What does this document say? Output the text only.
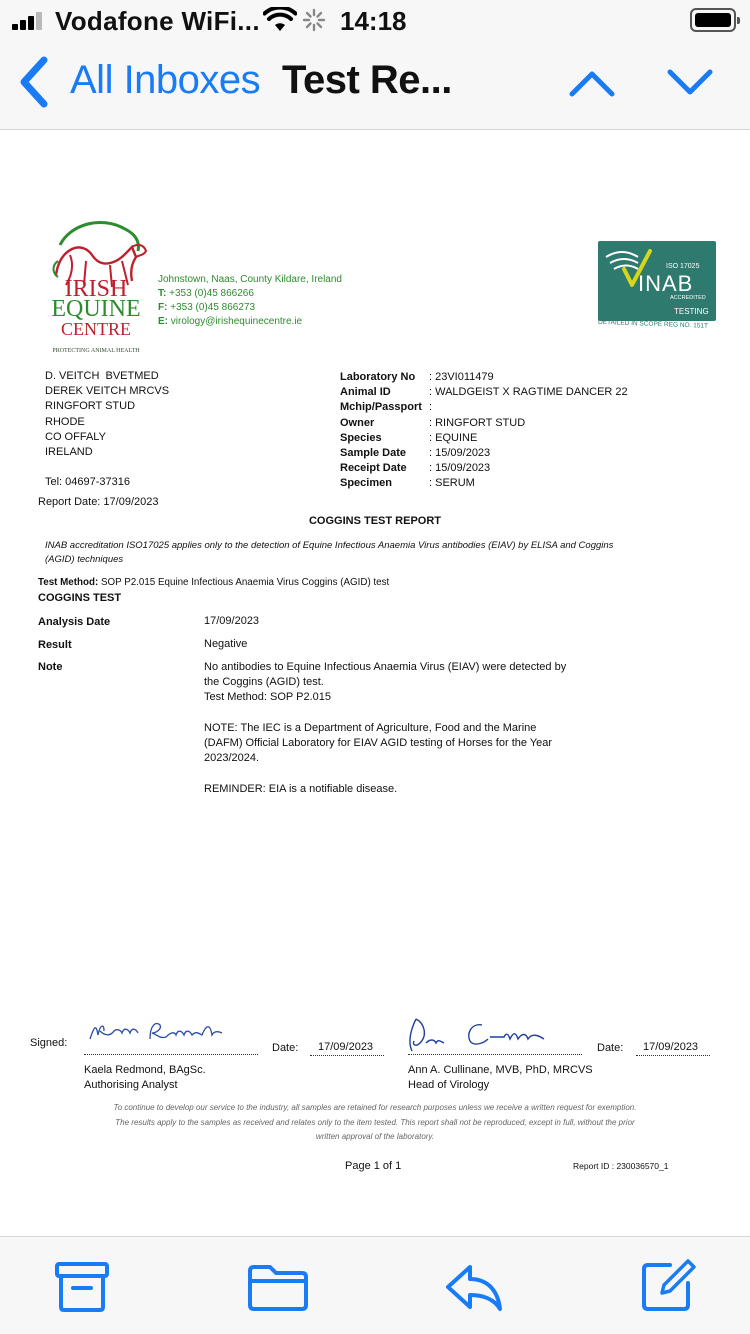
Vodafone WiFi...	14:18
All Inboxes Test Re...
IRISH
EQUINE
CENTRE
PROTECTING ANIMAL HEALTH
Johnstown, Naas, County Kildare, Ireland
T: +353 (0)45 866266
F: +353 (0)45 866273
E: virology@irishequinecentre.ie
ISO 17025
INAB
ACCREDITED
TESTING
DETAILED IN SCOPE REG NO. 151T
D. VEITCH  BVETMED
DEREK VEITCH MRCVS
RINGFORT STUD
RHODE
CO OFFALY
IRELAND
Tel: 04697-37316
Report Date: 17/09/2023
Laboratory No : 23VI011479
Animal ID	: WALDGEIST X RAGTIME DANCER 22
Mchip/Passport :
Owner	: RINGFORT STUD
Species	: EQUINE
Sample Date : 15/09/2023
Receipt Date : 15/09/2023
Specimen	: SERUM
COGGINS TEST REPORT
INAB accreditation ISO17025 applies only to the detection of Equine Infectious Anaemia Virus antibodies (EIAV) by ELISA and Coggins (AGID) techniques
Test Method: SOP P2.015 Equine Infectious Anaemia Virus Coggins (AGID) test
COGGINS TEST
Analysis Date	17/09/2023
Result	Negative
Note	No antibodies to Equine Infectious Anaemia Virus (EIAV) were detected by
the Coggins (AGID) test.
Test Method: SOP P2.015
NOTE: The IEC is a Department of Agriculture, Food and the Marine
(DAFM) Official Laboratory for EIAV AGID testing of Horses for the Year
2023/2024.
REMINDER: EIA is a notifiable disease.
Signed:	Date: 17/09/2023
Kaela Redmond, BAgSc.
Authorising Analyst
Date: 17/09/2023
Ann A. Cullinane, MVB, PhD, MRCVS
Head of Virology
To continue to develop our service to the industry, all samples are retained for research purposes unless we receive a written request for exemption.
The results apply to the samples as received and relates only to the item tested. This report shall not be reproduced, except in full, without the prior
written approval of the laboratory.
Page 1 of 1	Report ID : 230036570_1
